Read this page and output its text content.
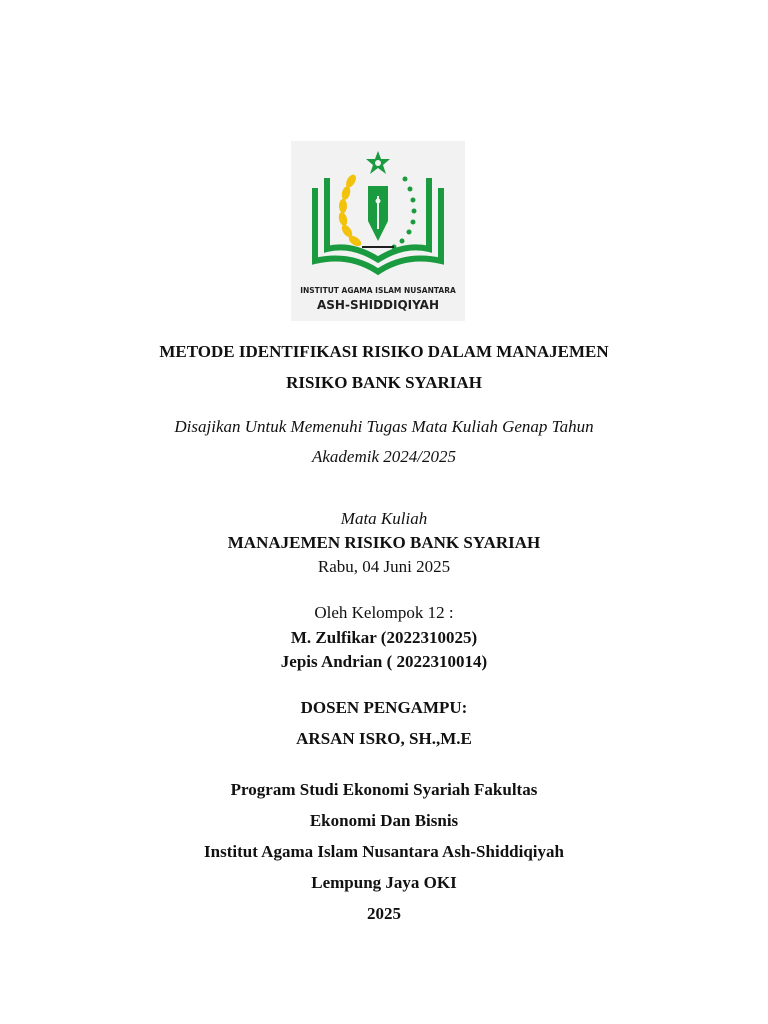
INSTITUT AGAMA ISLAM NUSANTARA
ASH-SHIDDIQIYAH
METODE IDENTIFIKASI RISIKO DALAM MANAJEMEN
RISIKO BANK SYARIAH
Disajikan Untuk Memenuhi Tugas Mata Kuliah Genap Tahun
Akademik 2024/2025
Mata Kuliah
MANAJEMEN RISIKO BANK SYARIAH
Rabu, 04 Juni 2025
Oleh Kelompok 12 :
M. Zulfikar (2022310025)
Jepis Andrian ( 2022310014)
DOSEN PENGAMPU:
ARSAN ISRO, SH.,M.E
Program Studi Ekonomi Syariah Fakultas
Ekonomi Dan Bisnis
Institut Agama Islam Nusantara Ash-Shiddiqiyah
Lempung Jaya OKI
2025
